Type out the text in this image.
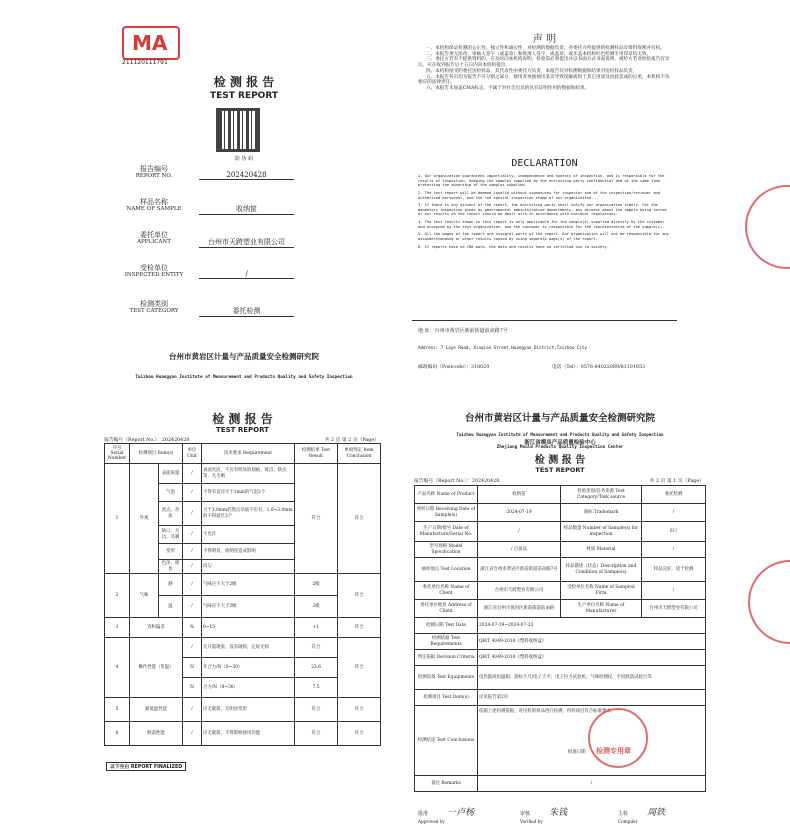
MA
211120111791
检 测 报 告
TEST REPORT
防 伪 码
报告编号
REPORT NO.	202420428
样品名称
NAME OF SAMPLE	收纳筐
委托单位
APPLICANT	台州市天跨塑业有限公司
受检单位
INSPECTED ENTITY	/
检测类别
TEST CATEGORY	委托检测
台州市黄岩区计量与产品质量安全检测研究院
Taizhou Huangyan Institute of Measurement and Products Quality and Safety Inspection
声 明
一、本机构保证检测的公正性、独立性和诚实性，对检测的数据负责，对委托方所提供的检测样品及资料保密并有权。
二、本报告须无涂改、审核人签字（或盖章）和批准人签字，或盖章，或未盖本机构红色检测专用印章均无效。
三、委托方若有不提供资料的，应及时向本机构说明，检验前必须提出并以书面方式书面说明，被检方若对检验报告有异议，应在收到报告后十五日内向本机构提出。
四、本机构接受的委托送检样品，其代表性由委托方负责，本报告仅对检测数据和结果对送检样品负责。
五、本报告各页均为报告不可分割之部分，使用者单独抽出某页导致误解或用于其它用途及由此造成的后果，本机构不负相应的法律责任。
六、本报告未加盖CMA标志，不属于对社会出具的具有证明作用的数据和结果。
DECLARATION
1. Our organization guarantees impartiality, independence and honesty of inspection, and is responsible for the results of inspection, keeping the samples supplied by the entrusting party confidential and at the same time protecting the ownership of the samples supplied.
2. The test report will be deemed invalid without signatures for inspector and of the inspection/reviewer and authorized personnel, and the red special inspection stamp of our organization.
3. If there is any dissent of the report, the entrusting party shall notify our organization timely. For the mandatory inspection given by governmental administrative departments, any dissent about the sample being tested or our results on the report should be dealt with in accordance with national regulations.
4. The test results shown in this report is only applicable for the sample(s) supplied directly by the customer and accepted by the test organization, and the customer is responsible for the representative of the sample(s).
5. All the pages of the report are integral parts of the report. Our organization will not be responsible for any misunderstanding or other results caused by using separate page(s) of the report.
6. If reports have no CMA mark, the data and results have no certified use to society.
地 址：台州市黄岩区新前街道前命路7号
Address: 7 Laye Road, Xinqian Street,Huangyan District,Taizhou City
邮政编码（Postcode）：318020	电话（Tel）：0576-84022089/81101053
检 测 报 告
TEST REPORT
报告编号（Report No.）：202420428	共 2 页 第 2 页（Page）
序号 Serial Number	检测项目 Item(s)		单位 Unit	技术要求 Requirement	检测结果 Test Result	单项判定 Item Conclusion
1	外观	表面质量	/	表面光洁，不应有明显的划痕、斑点、缺点等，无毛刺	符合	符合
		气泡	/	不得有直径大于1mm的气泡3个		
		黑点、杂质	/	大于3.0mm的黑点杂质不应有，1.0~3.0mm的不得超过3个		
		缺口、毛边、毛刺	/	不允许		
		变形	/	不得明显，收纳筐造成影响		
		色泽、颜色	/	均匀		
2	气味	静	/	气味应不大于2级	2级	符合
		温	/	气味应不大于2级	2级	
3	容积偏差		%	0~15	+1	符合
4	操作性能（常温）		/	无开裂现象，没有破损，完好无损	符合	符合
			N	开合力/N（8~30）	23.6	
			N	合力/N（8~30）	7.5	
5	耐低温性能		/	应无破裂、无明显变形	符合	符合
6	跌落性能		/	应无破裂、不得影响使用功能	符合	符合
以下空白 REPORT FINALIZED
台州市黄岩区计量与产品质量安全检测研究院
Taizhou Huangyan Institute of Measurement and Products Quality and Safety Inspection
浙江省模具产品质量检验中心
Zhejiang Mould Products Quality Inspection Center
检 测 报 告
TEST REPORT
报告编号（Report No.）：202420428	共 2 页 第 1 页（Page）
产品名称 Name of Product	收纳筐	检验类别/任务来源 Test Category/Task source	委托检测
到样日期 Receiving Date of Sample(s)	2024-07-19	商标 Trademark	/
生产日期/批号 Date of Manufacture/Serial No.	/	样品数量 Number of Sample(s) for inspection	6只
型号规格 Model Specification	/ 自备品	材质 Material	/
抽样地点 Test Location	浙江省台州市黄岩区新前街道前命路7号	样品描述（状态）Description and Condition of Sample(s)	样品完好，适于检测
委托单位名称 Name of Client	台州市天跨塑业有限公司	受检单位名称 Name of Sampled Firm	/
委托单位地址 Address of Client	浙江省台州市黄岩区新前街道前命路	生产单位名称 Name of Manufacturer	台州市天跨塑业有限公司
检测日期 Test Date	2024-07-19~2024-07-23		
检测依据 Test Requirements	QB/T 4049-2010《塑料收纳盒》		
判定依据 Decision Criteria	QB/T 4049-2010《塑料收纳盒》		
检测设备 Test Equipments	电热鼓风恒温箱；游标卡尺/电子天平；电子拉力试验机；气味检测仪，手投跌落试验台等		
检测项目 Test Item(s)	详见报告第2页		
检测结论 Test Conclusions	依据上述检测依据，对送检的样品进行检测，所检项目符合标准要求。
批准日期		

备注 Remarks	/		
检测专用章
批准 一卢杨
Approved by
审核 朱钱
Verified by
主检 周铁
Compiler
